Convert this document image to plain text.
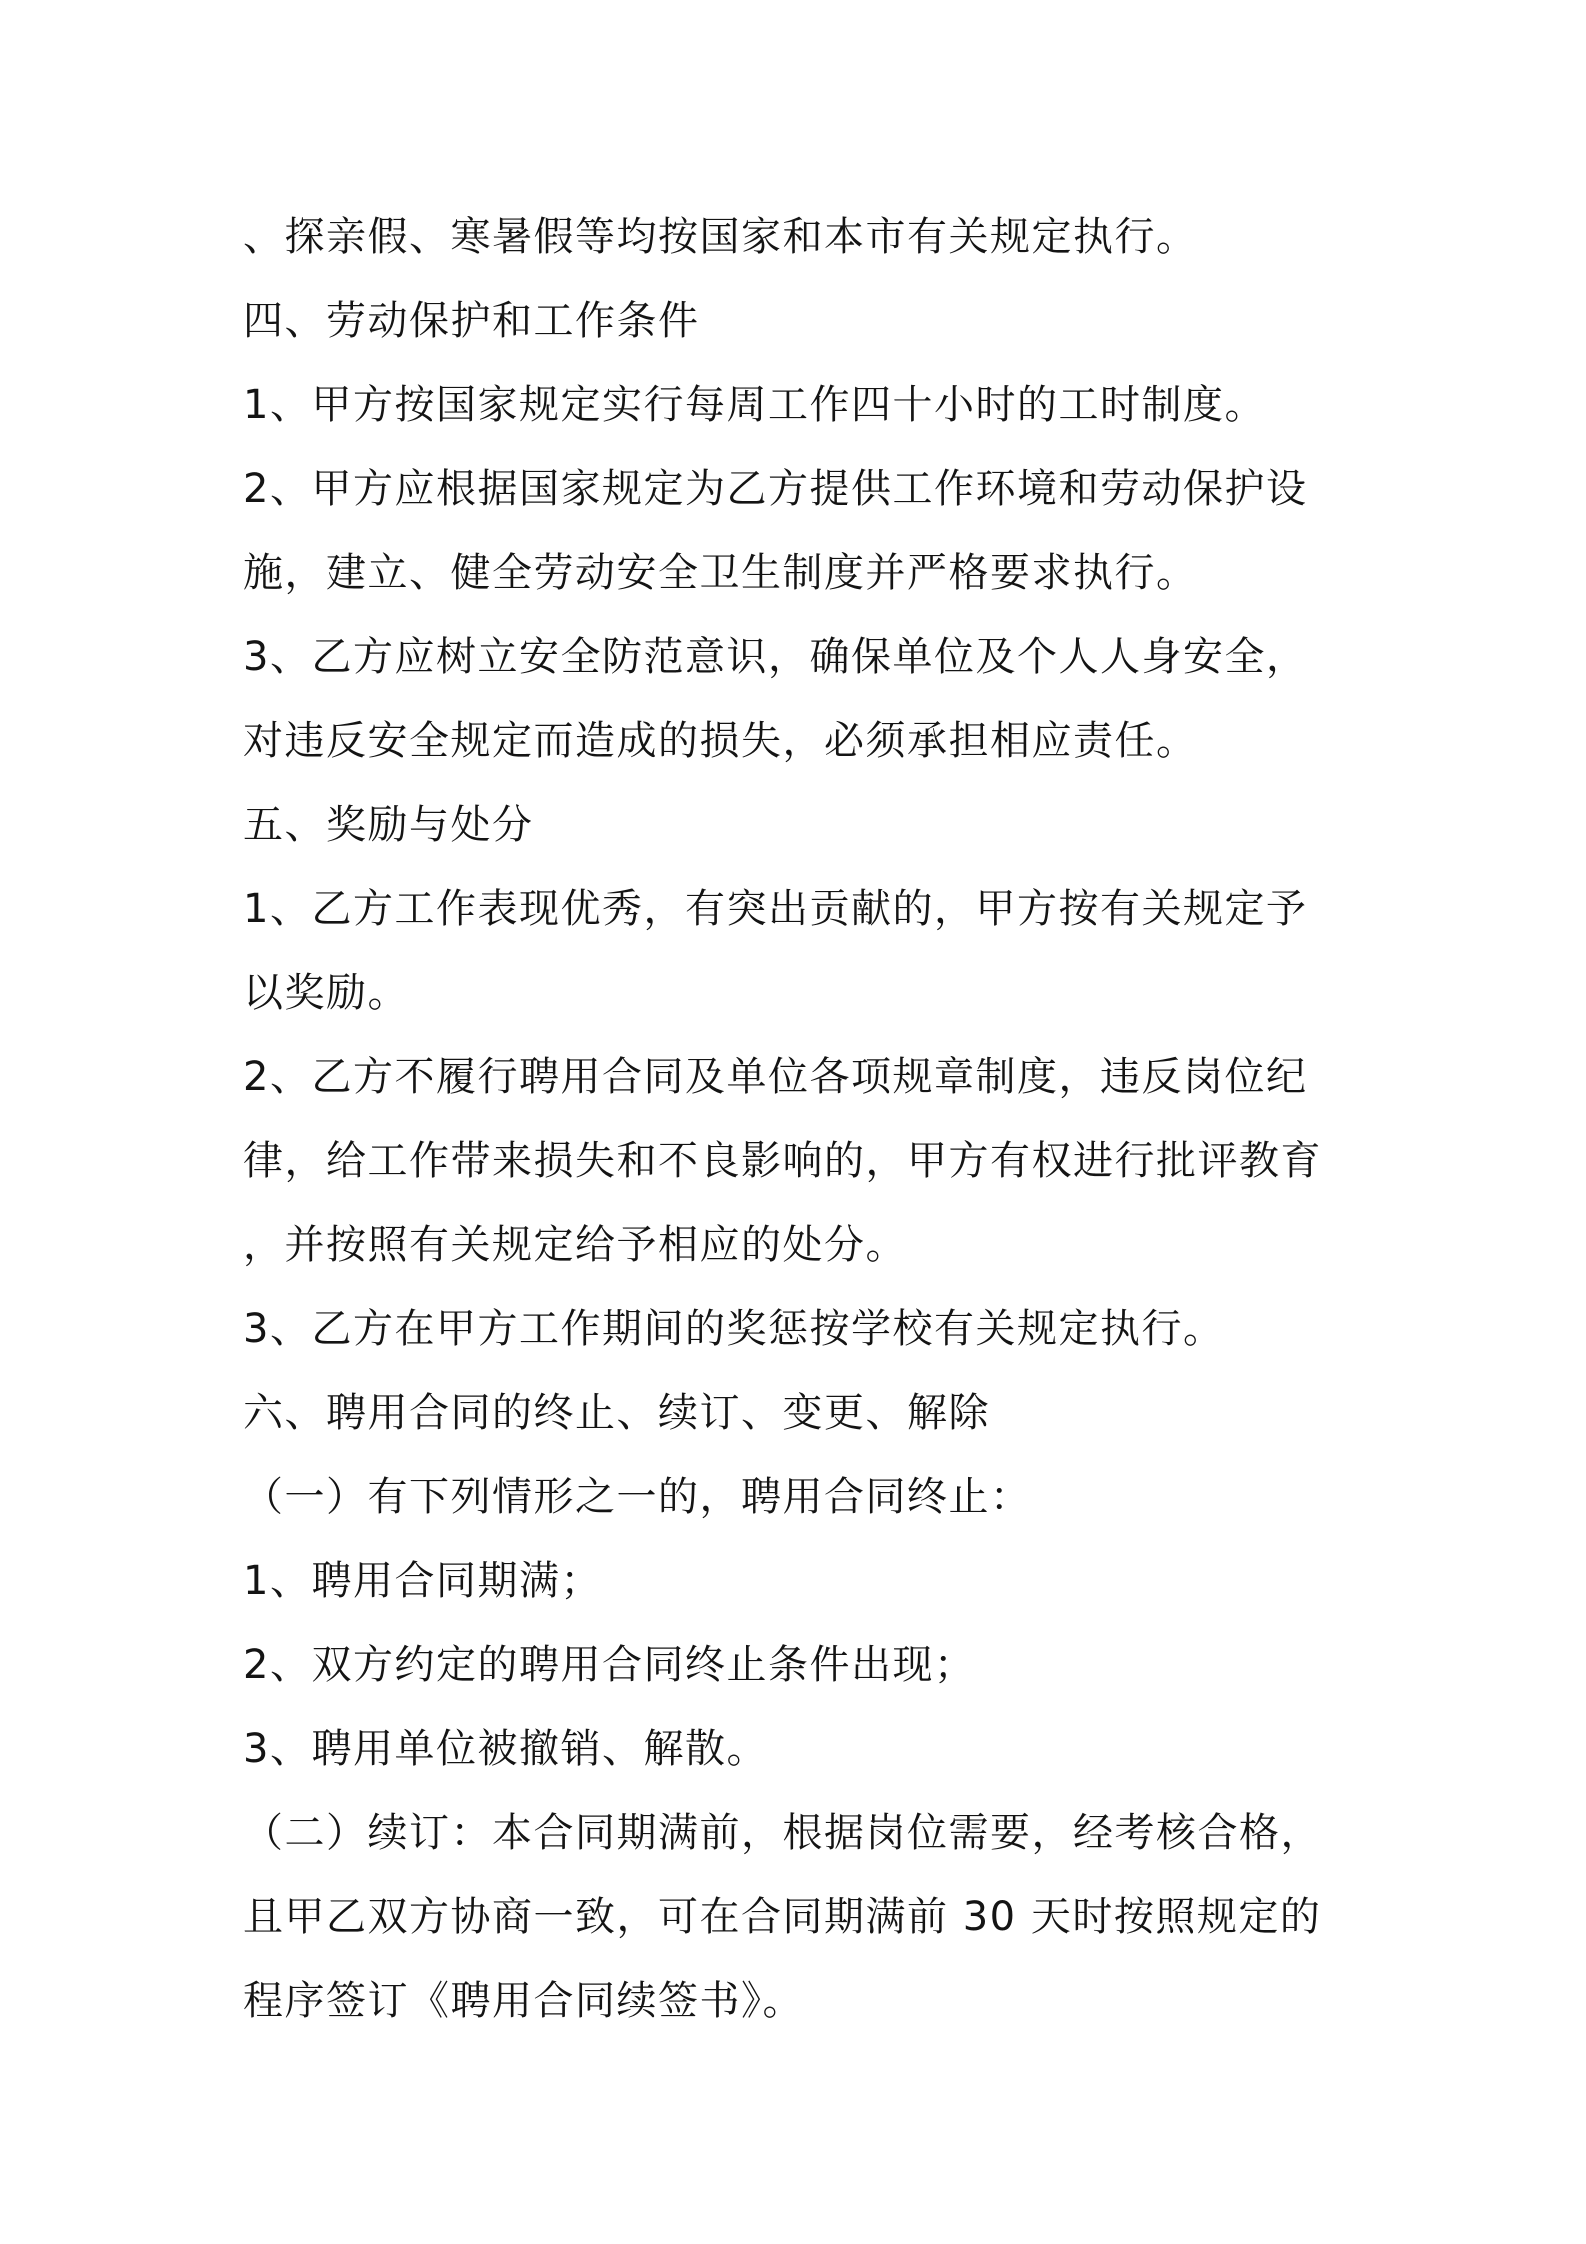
、探亲假、寒暑假等均按国家和本市有关规定执行。
四、劳动保护和工作条件
1、甲方按国家规定实行每周工作四十小时的工时制度。
2、甲方应根据国家规定为乙方提供工作环境和劳动保护设
施，建立、健全劳动安全卫生制度并严格要求执行。
3、乙方应树立安全防范意识，确保单位及个人人身安全，
对违反安全规定而造成的损失，必须承担相应责任。
五、奖励与处分
1、乙方工作表现优秀，有突出贡献的，甲方按有关规定予
以奖励。
2、乙方不履行聘用合同及单位各项规章制度，违反岗位纪
律，给工作带来损失和不良影响的，甲方有权进行批评教育
，并按照有关规定给予相应的处分。
3、乙方在甲方工作期间的奖惩按学校有关规定执行。
六、聘用合同的终止、续订、变更、解除
（一）有下列情形之一的，聘用合同终止：
1、聘用合同期满；
2、双方约定的聘用合同终止条件出现；
3、聘用单位被撤销、解散。
（二）续订：本合同期满前，根据岗位需要，经考核合格，
且甲乙双方协商一致，可在合同期满前 30 天时按照规定的
程序签订《聘用合同续签书》。
